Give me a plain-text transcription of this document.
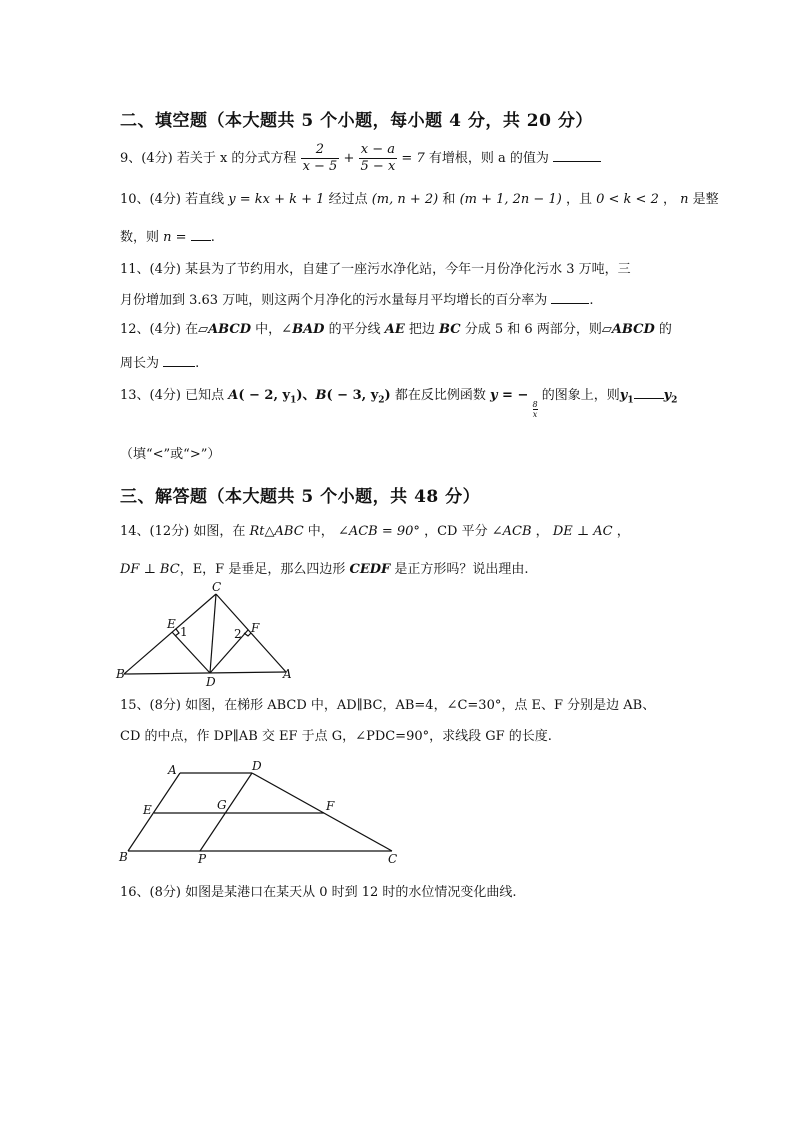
二、填空题（本大题共 5 个小题，每小题 4 分，共 20 分）
9、(4分) 若关于 x 的分式方程 $\frac{2}{x - 5} + \frac{x - a}{5 - x} = 7$ 有增根，则 a 的值为
10、(4分) 若直线 y = kx + k + 1 经过点 (m, n + 2) 和 (m + 1, 2n − 1) ，且 0 < k < 2 ， n 是整
数，则 n = .
11、(4分) 某县为了节约用水，自建了一座污水净化站，今年一月份净化污水 3 万吨，三
月份增加到 3.63 万吨，则这两个月净化的污水量每月平均增长的百分率为	.
12、(4分) 在▱ABCD 中，∠BAD 的平分线 AE 把边 BC 分成 5 和 6 两部分，则▱ABCD 的
周长为	.
13、(4分) 已知点 A( − 2, $y_1$)、B( − 3, $y_2$) 都在反比例函数 y = −
$\frac{8}{x}$ 的图象上，则$y_1$ $y_2$
（填“<”或“>”）
三、解答题（本大题共 5 个小题，共 48 分）
14、(12分) 如图，在 Rt△ABC 中， ∠ACB = 90° ，CD 平分 ∠ACB ， DE ⊥ AC ，
DF ⊥ BC，E，F 是垂足，那么四边形 CEDF 是正方形吗？说出理由.
C
E
1	2 F
B
D
A
15、(8分) 如图，在梯形 ABCD 中，AD∥BC，AB=4，∠C=30°，点 E、F 分别是边 AB、
CD 的中点，作 DP∥AB 交 EF 于点 G，∠PDC=90°，求线段 GF 的长度.
A	D
E	G	F
B	P	C
16、(8分) 如图是某港口在某天从 0 时到 12 时的水位情况变化曲线.
